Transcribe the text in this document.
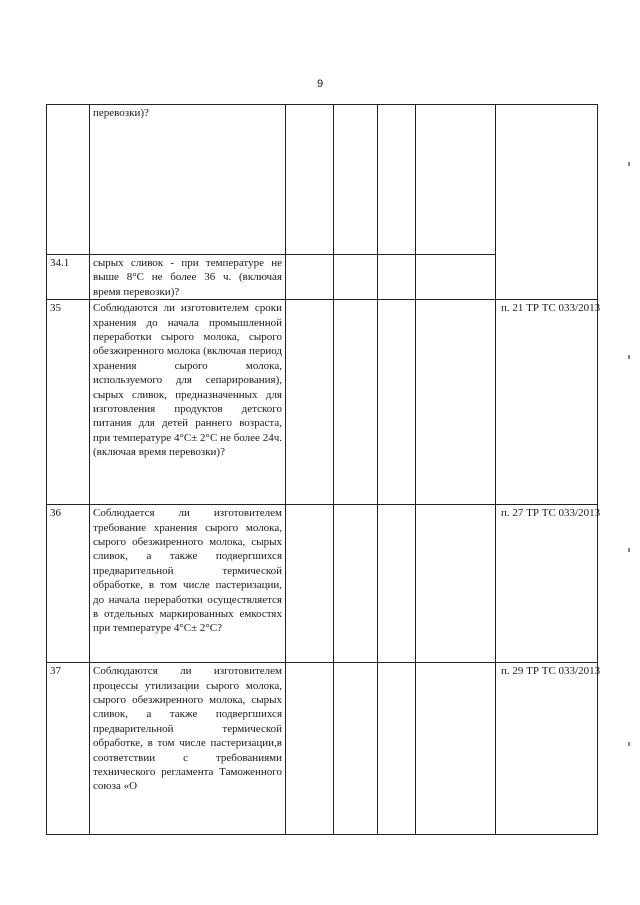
9
	перевозки)?					
34.1	сырых сливок - при температуре не выше 8°С не более 36 ч. (включая время перевозки)?					
35	Соблюдаются ли изготовителем сроки хранения до начала промышленной переработки сырого молока, сырого обезжиренного молока (включая период хранения сырого молока, используемого для сепарирования), сырых сливок, предназначенных для изготовления продуктов детского питания для детей раннего возраста, при температуре 4°С± 2°С не более 24ч. (включая время перевозки)?					п. 21 ТР ТС 033/2013
36	Соблюдается ли изготовителем требование хранения сырого молока, сырого обезжиренного молока, сырых сливок, а также подвергшихся предварительной термической обработке, в том числе пастеризации, до начала переработки осуществляется в отдельных маркированных емкостях при температуре 4°С± 2°С?					п. 27 ТР ТС 033/2013
37	Соблюдаются ли изготовителем процессы утилизации сырого молока, сырого обезжиренного молока, сырых сливок, а также подвергшихся предварительной термической обработке, в том числе пастеризации,в соответствии с требованиями технического регламента Таможенного союза «О					п. 29 ТР ТС 033/2013
